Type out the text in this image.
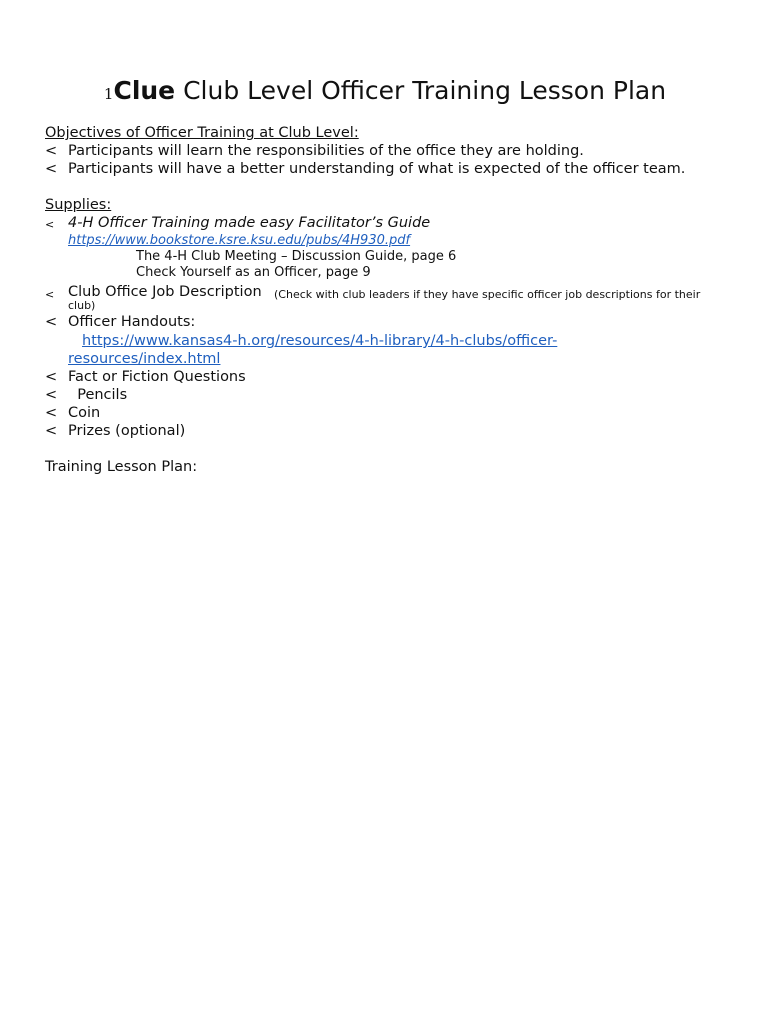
1Clue Club Level Officer Training Lesson Plan
Objectives of Officer Training at Club Level:
< Participants will learn the responsibilities of the office they are holding.
< Participants will have a better understanding of what is expected of the officer team.
Supplies:
< 4-H Officer Training made easy Facilitator’s Guide
https://www.bookstore.ksre.ksu.edu/pubs/4H930.pdf
The 4-H Club Meeting – Discussion Guide, page 6
Check Yourself as an Officer, page 9
< Club Office Job Description (Check with club leaders if they have specific officer job descriptions for their
club)
< Officer Handouts:
https://www.kansas4-h.org/resources/4-h-library/4-h-clubs/officer-
resources/index.html
< Fact or Fiction Questions
< Pencils
< Coin
< Prizes (optional)
Training Lesson Plan:
